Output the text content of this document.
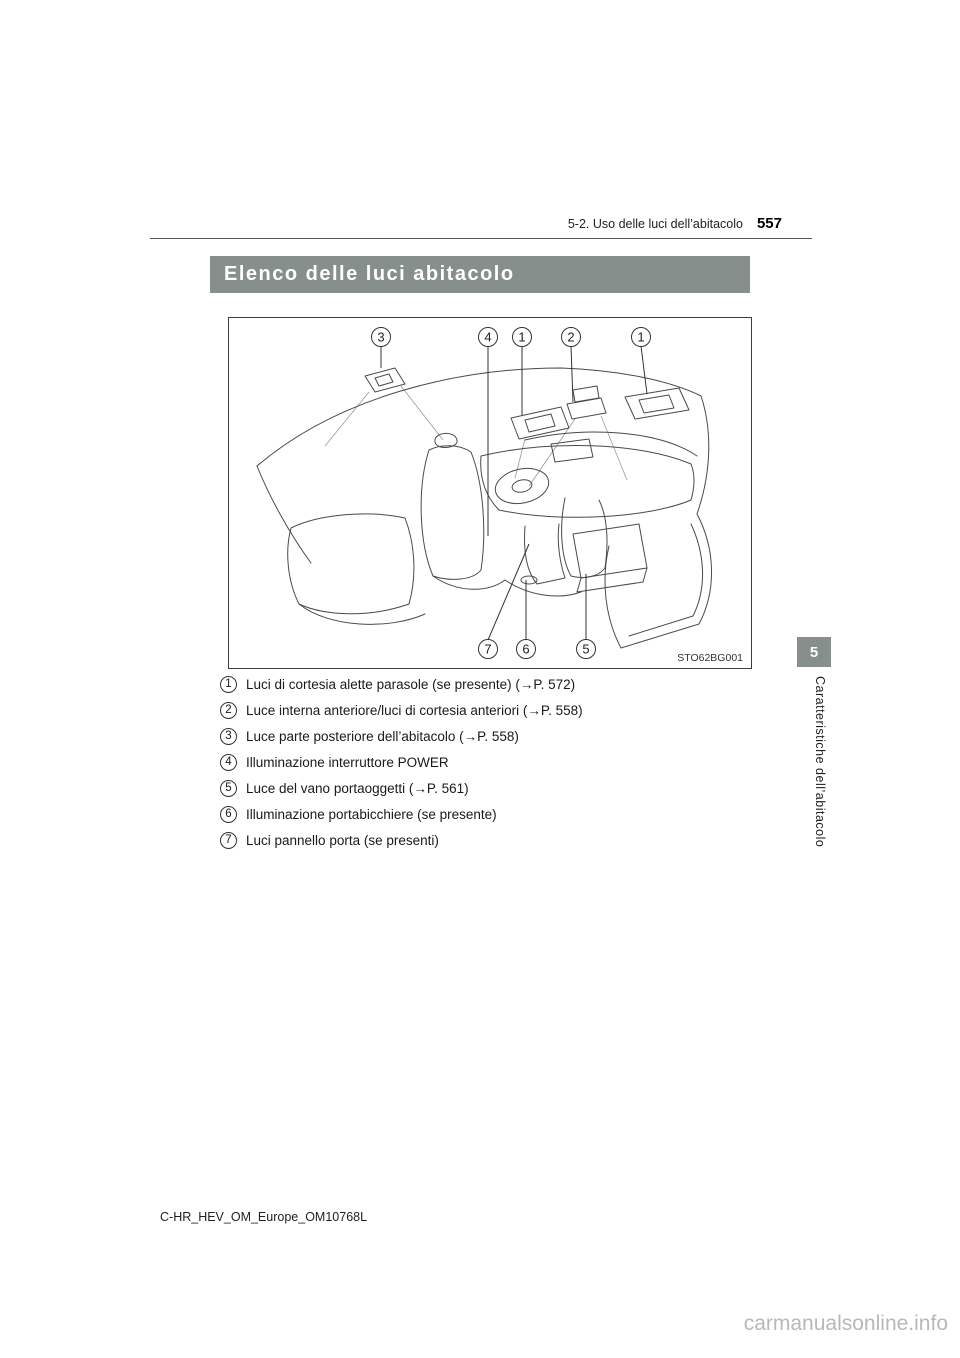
5-2. Uso delle luci dell’abitacolo 557
Elenco delle luci abitacolo
3	4 1	2	1
7 6	5
STO62BG001
1	Luci di cortesia alette parasole (se presente) (→P. 572)
2	Luce interna anteriore/luci di cortesia anteriori (→P. 558)
3	Luce parte posteriore dell’abitacolo (→P. 558)
4	Illuminazione interruttore POWER
5	Luce del vano portaoggetti (→P. 561)
6	Illuminazione portabicchiere (se presente)
7	Luci pannello porta (se presenti)
5
Caratteristiche dell’abitacolo
C-HR_HEV_OM_Europe_OM10768L
carmanualsonline.info
